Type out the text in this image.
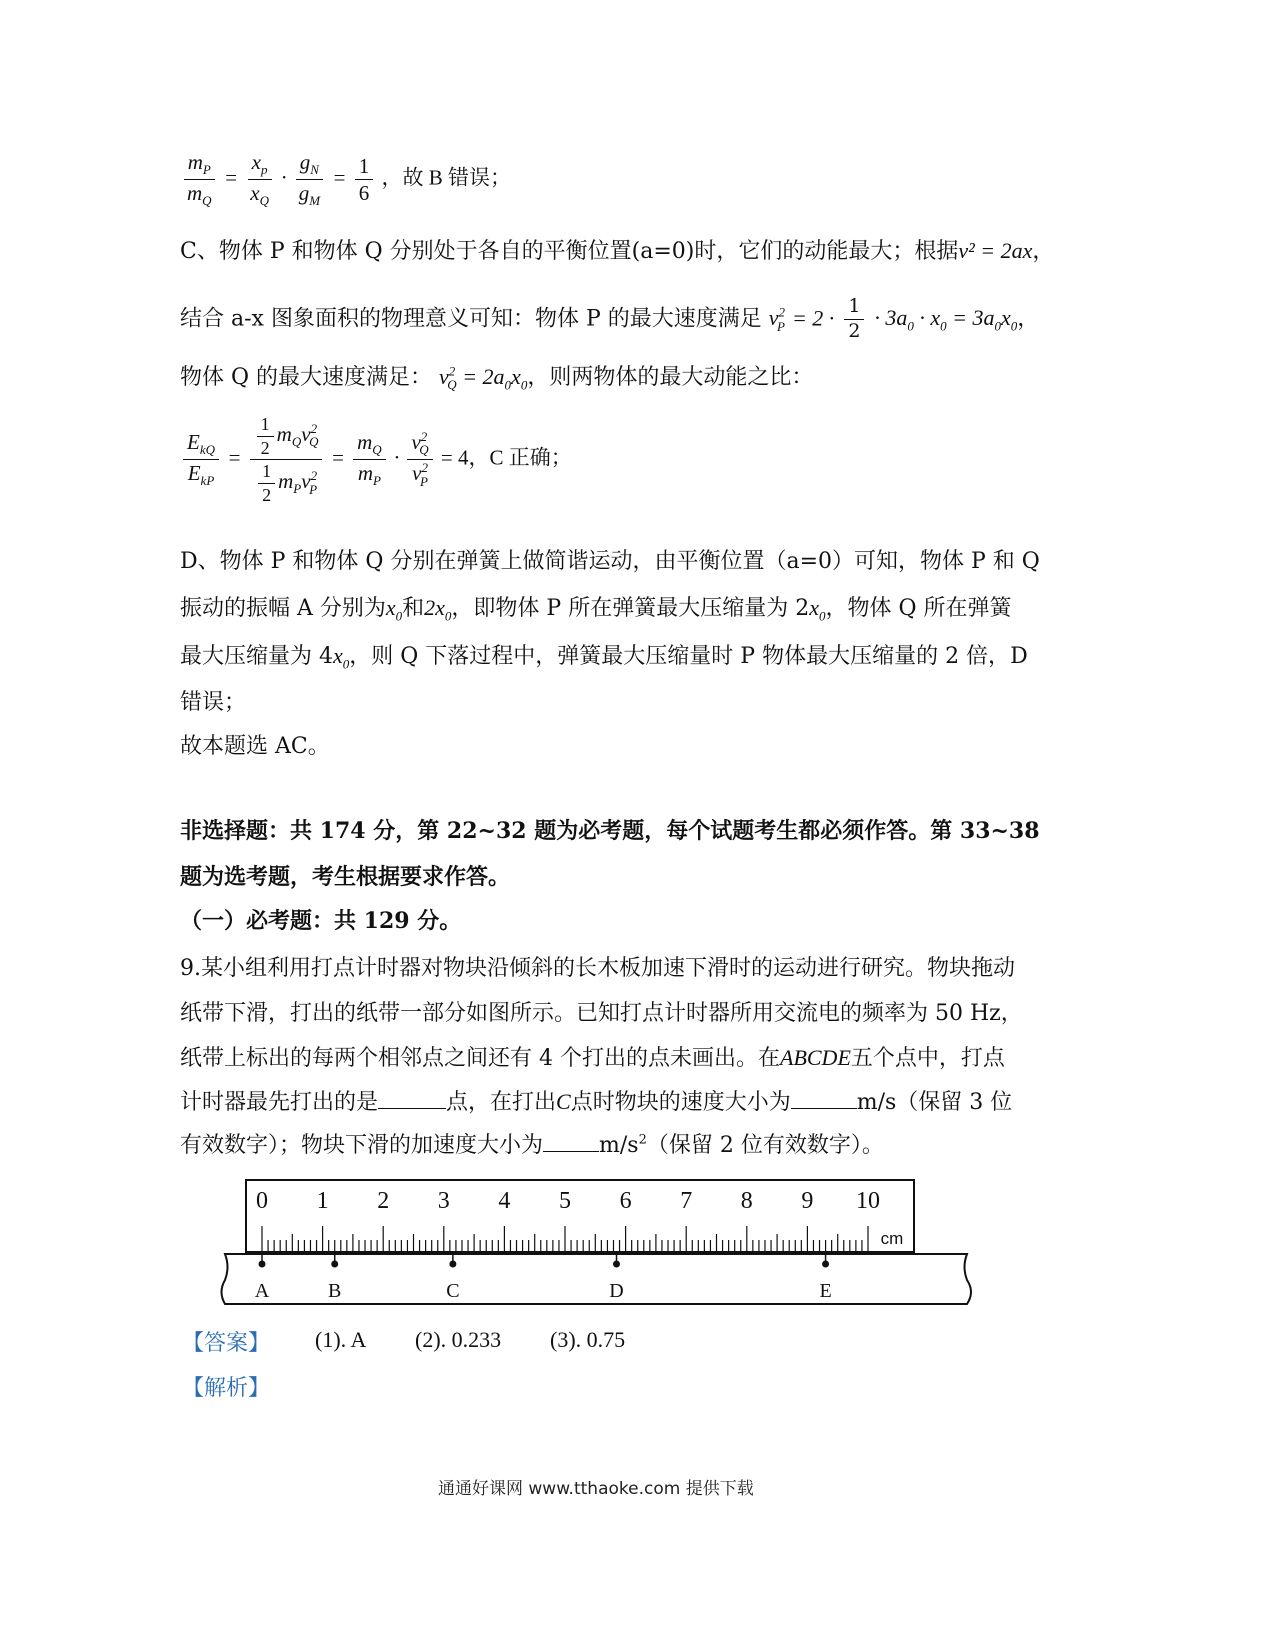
$\frac{m_P}{m_Q} = \frac{x_p}{x_Q} \cdot \frac{g_N}{g_M} = \frac{1}{6}$ ，故 B 错误；
C、物体 P 和物体 Q 分别处于各自的平衡位置(a=0)时，它们的动能最大；根据v² = 2ax，
结合 a-x 图象面积的物理意义可知：物体 P 的最大速度满足 $v^2_P = 2 \cdot \frac{1}{2} \cdot 3a_0 \cdot x_0 = 3a_0x_0$，
物体 Q 的最大速度满足： $v^2_Q = 2a_0x_0$，则两物体的最大动能之比：
$\frac{E_{kQ}}{E_{kP}} = \frac{\frac{1}{2} m_Qv^2_Q}{\frac{1}{2} m_Pv^2_P} = \frac{m_Q}{m_P} \cdot \frac{v^2_Q}{v^2_P} = 4$，C 正确；
D、物体 P 和物体 Q 分别在弹簧上做简谐运动，由平衡位置（a=0）可知，物体 P 和 Q
振动的振幅 A 分别为$x_0$和$2x_0$，即物体 P 所在弹簧最大压缩量为 $2x_0$，物体 Q 所在弹簧
最大压缩量为 $4x_0$，则 Q 下落过程中，弹簧最大压缩量时 P 物体最大压缩量的 2 倍，D
错误；
故本题选 AC。
非选择题：共 174 分，第 22~32 题为必考题，每个试题考生都必须作答。第 33~38
题为选考题，考生根据要求作答。
（一）必考题：共 129 分。
9.某小组利用打点计时器对物块沿倾斜的长木板加速下滑时的运动进行研究。物块拖动
纸带下滑，打出的纸带一部分如图所示。已知打点计时器所用交流电的频率为 50 Hz，
纸带上标出的每两个相邻点之间还有 4 个打出的点未画出。在ABCDE五个点中，打点
计时器最先打出的是	点，在打出C点时物块的速度大小为	m/s（保留 3 位
有效数字）；物块下滑的加速度大小为	$m/s^2$（保留 2 位有效数字）。
0 1 2 3 4 5 6 7 8 9 10
cm
A	B	C	D	E
【答案】 (1). A (2). 0.233 (3). 0.75
【解析】
通通好课网 www.tthaoke.com 提供下载
